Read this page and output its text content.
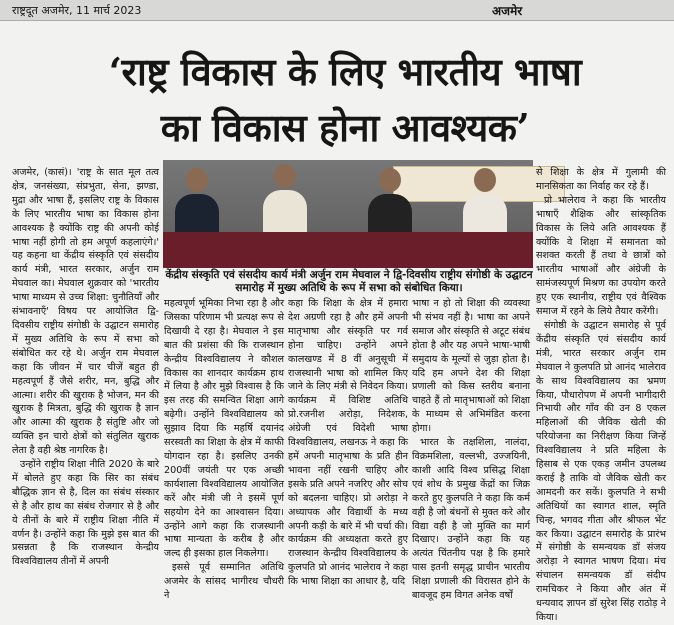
राष्ट्रदूत अजमेर, 11 मार्च 2023	अजमेर
‘राष्ट्र विकास के लिए भारतीय भाषा
का विकास होना आवश्यक’

अजमेर, (कासं)। 'राष्ट्र के सात मूल तत्व क्षेत्र, जनसंख्या, संप्रभुता, सेना, झण्डा, मुद्रा और भाषा हैं, इसलिए राष्ट्र के विकास के लिए भारतीय भाषा का विकास होना आवश्यक है क्योंकि राष्ट्र की अपनी कोई भाषा नहीं होगी तो हम अपूर्ण कहलाएंगे।' यह कहना था केंद्रीय संस्कृति एवं संसदीय कार्य मंत्री, भारत सरकार, अर्जुन राम मेघवाल का। मेघवाल शुक्रवार को 'भारतीय भाषा माध्यम से उच्च शिक्षा: चुनौतियाँ और संभावनाएँ' विषय पर आयोजित द्वि-दिवसीय राष्ट्रीय संगोष्ठी के उद्घाटन समारोह में मुख्य अतिथि के रूप में सभा को संबोधित कर रहे थे। अर्जुन राम मेघवाल कहा कि जीवन में चार चीजें बहुत ही महत्वपूर्ण हैं जैसे शरीर, मन, बुद्धि और आत्मा। शरीर की खुराक है भोजन, मन की खुराक है मित्रता, बुद्धि की खुराक है ज्ञान और आत्मा की खुराक है संतुष्टि और जो व्यक्ति इन चारो क्षेत्रों को संतुलित खुराक लेता है वही श्रेष्ठ नागरिक है।

उन्होंने राष्ट्रीय शिक्षा नीति 2020 के बारे में बोलते हुए कहा कि सिर का संबंध बौद्धिक ज्ञान से है, दिल का संबंध संस्कार से है और हाथ का संबंध रोजगार से है और ये तीनों के बारे में राष्ट्रीय शिक्षा नीति में वर्णन है। उन्होंने कहा कि मुझे इस बात की प्रसन्नता है कि राजस्थान केन्द्रीय विश्वविद्यालय तीनों में अपनी

केंद्रीय संस्कृति एवं संसदीय कार्य मंत्री अर्जुन राम मेघवाल ने द्वि-दिवसीय राष्ट्रीय संगोष्ठी के उद्घाटन समारोह में मुख्य अतिथि के रूप में सभा को संबोधित किया।

महत्वपूर्ण भूमिका निभा रहा है और जिसका परिणाम भी प्रत्यक्ष रूप से दिखायी दे रहा है। मेघवाल ने इस बात की प्रशंसा की कि राजस्थान केन्द्रीय विश्वविद्यालय ने कौशल विकास का शानदार कार्यक्रम हाथ में लिया है और मुझे विश्वास है कि इस तरह की समन्वित शिक्षा आगे बढ़ेगी। उन्होंने विश्वविद्यालय को सुझाव दिया कि महर्षि दयानंद सरस्वती का शिक्षा के क्षेत्र में काफी योगदान रहा है। इसलिए उनकी 200वीं जयंती पर एक अच्छी कार्यशाला विश्वविद्यालय आयोजित करें और मंत्री जी ने इसमें पूर्ण सहयोग देने का आश्वासन दिया। उन्होंने आगे कहा कि राजस्थानी भाषा मान्यता के करीब है और जल्द ही इसका हाल निकलेगा।

इससे पूर्व सम्मानित अतिथि अजमेर के सांसद भागीरथ चौधरी ने

कहा कि शिक्षा के क्षेत्र में हमारा देश अग्रणी रहा है और हमें अपनी मातृभाषा और संस्कृति पर गर्व होना चाहिए। उन्होंने अपने कालखण्ड में 8 वीं अनुसूची में राजस्थानी भाषा को शामिल किए जाने के लिए मंत्री से निवेदन किया। कार्यक्रम में विशिष्ट अतिथि प्रो.रजनीश अरोड़ा, निदेशक, अंग्रेजी एवं विदेशी भाषा विश्वविद्यालय, लखनऊ ने कहा कि हमें अपनी मातृभाषा के प्रति हीन भावना नहीं रखनी चाहिए और इसके प्रति अपने नजरिए और सोच को बदलना चाहिए। प्रो अरोड़ा ने अध्यापक और विद्यार्थी के मध्य अपनी कड़ी के बारे में भी चर्चा की। कार्यक्रम की अध्यक्षता करते हुए राजस्थान केन्द्रीय विश्वविद्यालय के कुलपति प्रो आनंद भालेराव ने कहा कि भाषा शिक्षा का आधार है, यदि

भाषा न हो तो शिक्षा की व्यवस्था भी संभव नहीं है। भाषा का अपने समाज और संस्कृति से अटूट संबंध होता है और यह अपने भाषा-भाषी समुदाय के मूल्यों से जुड़ा होता है। यदि हम अपने देश की शिक्षा प्रणाली को किस स्तरीय बनाना चाहते हैं तो मातृभाषाओं को शिक्षा के माध्यम से अभिमंडित करना होगा।

भारत के तक्षशिला, नालंदा, विक्रमशिला, वल्लभी, उज्जयिनी, काशी आदि विश्व प्रसिद्ध शिक्षा एवं शोध के प्रमुख केंद्रों का जिक्र करते हुए कुलपति ने कहा कि कर्म वही है जो बंधनों से मुक्त करे और विद्या वही है जो मुक्ति का मार्ग दिखाए। उन्होंने कहा कि यह अत्यंत चिंतनीय पक्ष है कि हमारे पास इतनी समृद्ध प्राचीन भारतीय शिक्षा प्रणाली की विरासत होने के बावजूद हम विगत अनेक वर्षों

से शिक्षा के क्षेत्र में गुलामी की मानसिकता का निर्वाह कर रहे हैं।

प्रो भालेराव ने कहा कि भारतीय भाषाएँ शैक्षिक और सांस्कृतिक विकास के लिये अति आवश्यक हैं क्योंकि वे शिक्षा में समानता को सशक्त करती हैं तथा वे छात्रों को भारतीय भाषाओं और अंग्रेजी के सामंजस्यपूर्ण मिश्रण का उपयोग करते हुए एक स्थानीय, राष्ट्रीय एवं वैश्विक समाज में रहने के लिये तैयार करेंगी।

संगोष्ठी के उद्घाटन समारोह से पूर्व केंद्रीय संस्कृति एवं संसदीय कार्य मंत्री, भारत सरकार अर्जुन राम मेघवाल ने कुलपति प्रो आनंद भालेराव के साथ विश्वविद्यालय का भ्रमण किया, पौधारोपण में अपनी भागीदारी निभायी और गाँव की उन 8 एकल महिलाओं की जैविक खेती की परियोजना का निरीक्षण किया जिन्हें विश्वविद्यालय ने प्रति महिला के हिसाब से एक एकड़ जमीन उपलब्ध कराई है ताकि वो जैविक खेती कर आमदनी कर सकें। कुलपति ने सभी अतिथियों का स्वागत शाल, स्मृति चिन्ह, भगवद गीता और श्रीफल भेंट कर किया। उद्घाटन समारोह के प्रारंभ में संगोष्ठी के समन्वयक डॉ संजय अरोड़ा ने स्वागत भाषण दिया। मंच संचालन समन्वयक डॉ संदीप रामचिकर ने किया और अंत में धन्यवाद ज्ञापन डॉ सुरेश सिंह राठोड़ ने किया।
